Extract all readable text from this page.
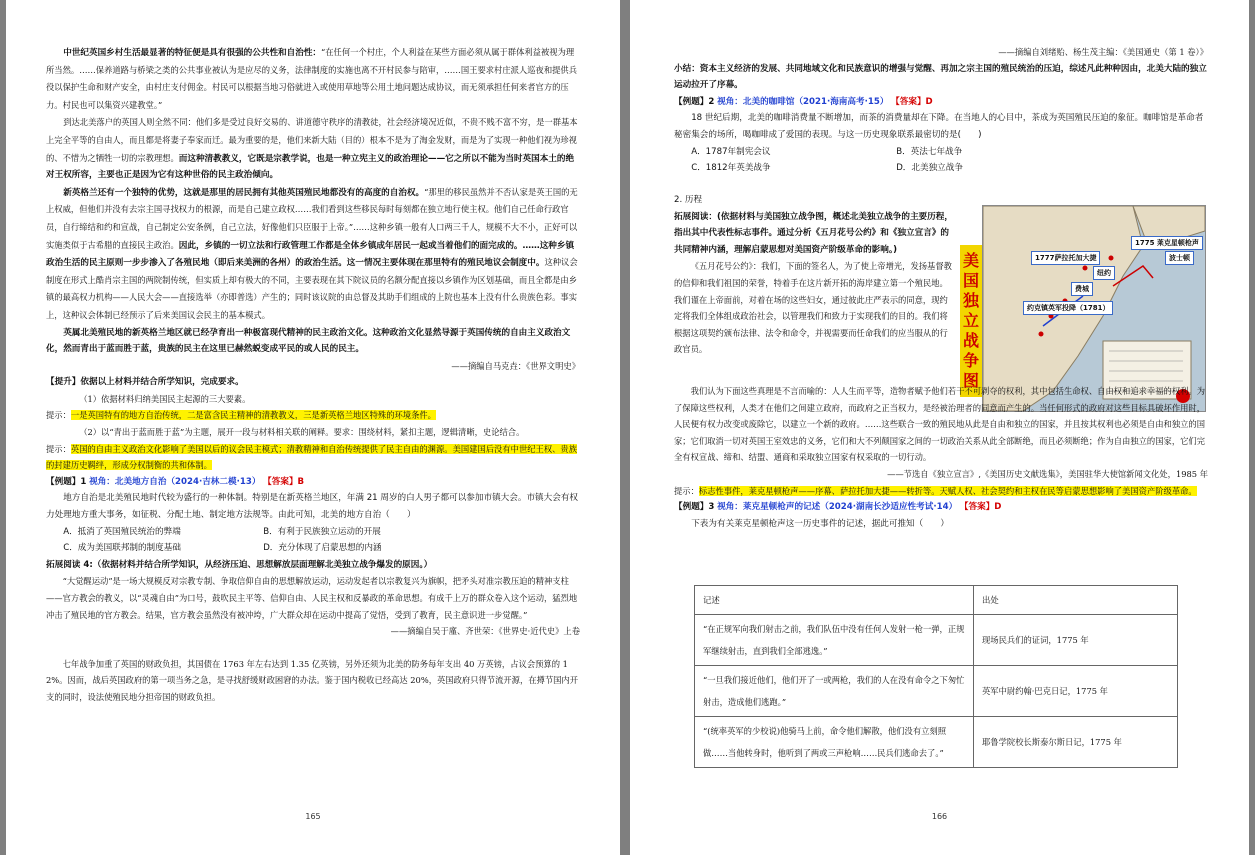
中世纪英国乡村生活最显著的特征便是具有很强的公共性和自治性：“在任何一个村庄，个人利益在某些方面必须从属于群体利益被视为理所当然。……保养道路与桥梁之类的公共事业被认为是应尽的义务，法律制度的实施也离不开村民参与陪审，……国王要求村庄派人巡夜和提供兵役以保护生命和财产安全，由村庄支付佣金。村民可以根据当地习俗就进入或使用草地等公用土地问题达成协议，而无须承担任何来者官方的压力。村民也可以集资兴建教堂。”
到达北美落户的英国人则全然不同：他们多是受过良好交易的、讲道德守秩序的清教徒，社会经济境况近似，不贵不贱不富不穷，是一群基本上完全平等的自由人，而且都是将妻子奉家而迁。最为重要的是，他们来新大陆（目的）根本不是为了淘金发财，而是为了实现一种他们视为珍视的、不惜为之牺牲一切的宗教理想。而这种清教教义，它既是宗教学说，也是一种立宪主义的政治理论——它之所以不能为当时英国本土的绝对王权所容，主要也正是因为它有这种世俗的民主政治倾向。
新英格兰还有一个独特的优势，这就是那里的居民拥有其他英国殖民地都没有的高度的自治权。“那里的移民虽然并不否认家是英王国的无上权威，但他们并没有去宗主国寻找权力的根源，而是自己建立政权……我们看到这些移民每时每刻都在独立地行使主权。他们自己任命行政官员，自行缔结和约和宣战，自己制定公安条例，自己立法，好像他们只臣服于上帝。”……这种乡镇一般有人口两三千人，规模不大不小，正好可以实施类似于古希腊的直接民主政治。因此，乡镇的一切立法和行政管理工作都是全体乡镇成年居民一起或当着他们的面完成的。……这种乡镇政治生活的民主原则一步步渗入了各殖民地（即后来美洲的各州）的政治生活。这一情况主要体现在那里特有的殖民地议会制度中。这种议会制度在形式上酷肖宗主国的两院制传统，但实质上却有极大的不同，主要表现在其下院议员的名额分配直接以乡镇作为区划基础，而且全都是由乡镇的最高权力机构——人民大会——直接选举（亦即普选）产生的；同时该议院的由总督及其助手们组成的上院也基本上没有什么贵族色彩。事实上，这种议会体制已经预示了后来美国议会民主的基本模式。
英属北美殖民地的新英格兰地区就已经孕育出一种极富现代精神的民主政治文化。这种政治文化显然导源于英国传统的自由主义政治文化，然而青出于蓝而胜于蓝，贵族的民主在这里已赫然蜕变成平民的或人民的民主。
——摘编自马克垚：《世界文明史》
【提升】依据以上材料并结合所学知识，完成要求。
（1）依据材料归纳美国民主起源的三大要素。
提示：一是英国特有的地方自治传统，二是富含民主精神的清教教义，三是新英格兰地区特殊的环境条件。
（2）以“青出于蓝而胜于蓝”为主题，展开一段与材料相关联的阐释。要求：围绕材料，紧扣主题，逻辑清晰，史论结合。
提示：英国的自由主义政治文化影响了美国以后的议会民主模式；清教精神和自治传统提供了民主自由的渊源。美国建国后没有中世纪王权、贵族的封建历史羁绊，形成分权制衡的共和体制。
【例题】1 视角：北美地方自治（2024·吉林二模·13） 【答案】B
地方自治是北美殖民地时代较为盛行的一种体制。特别是在新英格兰地区，年满 21 周岁的白人男子都可以参加市镇大会。市镇大会有权力处理地方重大事务，如征税、分配土地、制定地方法规等。由此可知，北美的地方自治（　　）
A．抵消了英国殖民统治的弊端	B．有利于民族独立运动的开展
C．成为美国联邦制的制度基础	D．充分体现了启蒙思想的内涵
拓展阅读 4:（依据材料并结合所学知识，从经济压迫、思想解放层面理解北美独立战争爆发的原因。）
“大觉醒运动”是一场大规模反对宗教专制、争取信仰自由的思想解放运动，运动发起者以宗教复兴为旗帜，把矛头对准宗教压迫的精神支柱——官方教会的教义，以“灵魂自由”为口号，鼓吹民主平等、信仰自由、人民主权和反暴政的革命思想。有成千上万的群众卷入这个运动，猛烈地冲击了殖民地的官方教会。结果，官方教会虽然没有被冲垮，广大群众却在运动中提高了觉悟，受到了教育，民主意识进一步觉醒。”
——摘编自吴于廑、齐世荣：《世界史·近代史》上卷
七年战争加重了英国的财政负担，其国债在 1763 年左右达到 1.35 亿英镑，另外还须为北美的防务每年支出 40 万英镑，占议会预算的 12%。因而，战后英国政府的第一项当务之急，是寻找舒缓财政困窘的办法。鉴于国内税收已经高达 20%，英国政府只得节流开源，在撙节国内开支的同时，设法使殖民地分担帝国的财政负担。
165
——摘编自刘绪贻、杨生茂主编：《美国通史（第 1 卷）》
小结：资本主义经济的发展、共同地域文化和民族意识的增强与觉醒、再加之宗主国的殖民统治的压迫，综述凡此种种因由，北美大陆的独立运动拉开了序幕。
【例题】2 视角：北美的咖啡馆（2021·海南高考·15） 【答案】D
18 世纪后期，北美的咖啡消费量不断增加，而茶的消费量却在下降。在当地人的心目中，茶成为英国殖民压迫的象征。咖啡馆是革命者秘密集会的场所，喝咖啡成了爱国的表现。与这一历史现象联系最密切的是(　　)
A．1787年制宪会议	B．英法七年战争
C．1812年英美战争	D．北美独立战争
2. 历程
拓展阅读：(依据材料与美国独立战争图，概述北美独立战争的主要历程，指出其中代表性标志事件。通过分析《五月花号公约》和《独立宣言》的共同精神内涵，理解启蒙思想对美国资产阶级革命的影响。)
《五月花号公约》：我们，下面的签名人，为了使上帝增光，发扬基督教的信仰和我们祖国的荣誉，特着手在这片新开拓的海岸建立第一个殖民地。我们谨在上帝面前，对着在场的这些妇女，通过彼此庄严表示的同意，现约定将我们全体组成政治社会，以管理我们和致力于实现我们的目的。我们将根据这项契约颁布法律、法令和命令，并视需要而任命我们的应当服从的行政官员。
美国独立战争图
1775 莱克星顿枪声
波士顿
1777萨拉托加大捷
纽约
费城
约克镇英军投降（1781）
我们认为下面这些真理是不言而喻的：人人生而平等，造物者赋予他们若干不可剥夺的权利，其中包括生命权、自由权和追求幸福的权利。为了保障这些权利，人类才在他们之间建立政府，而政府之正当权力，是经被治理者的同意而产生的。当任何形式的政府对这些目标具破坏作用时，人民便有权力改变或废除它，以建立一个新的政府。……这些联合一致的殖民地从此是自由和独立的国家，并且按其权利也必须是自由和独立的国家；它们取消一切对英国王室效忠的义务，它们和大不列颠国家之间的一切政治关系从此全部断绝，而且必须断绝；作为自由独立的国家，它们完全有权宣战、缔和、结盟、通商和采取独立国家有权采取的一切行动。
——节选自《独立宣言》,《美国历史文献选集》，美国驻华大使馆新闻文化处，1985 年
提示：标志性事件，莱克星顿枪声——序幕、萨拉托加大捷——转折等。天赋人权、社会契约和主权在民等启蒙思想影响了美国资产阶级革命。
【例题】3 视角：莱克星顿枪声的记述（2024·湖南长沙适应性考试·14） 【答案】D
下表为有关莱克星顿枪声这一历史事件的记述，据此可推知（　　）
记述	出处
“在正规军向我们射击之前，我们队伍中没有任何人发射一枪一弹，正规军继续射击，直到我们全部逃逸。”	现场民兵们的证词，1775 年
“一旦我们接近他们，他们开了一或两枪，我们的人在没有命令之下匆忙射击，造成他们逃跑。”	英军中尉约翰·巴克日记，1775 年
“(统率英军的少校说)他骑马上前，命令他们解散，他们没有立刻照做……当他转身时，他听到了两或三声枪响……民兵们逃命去了。”	耶鲁学院校长斯泰尔斯日记，1775 年
166
